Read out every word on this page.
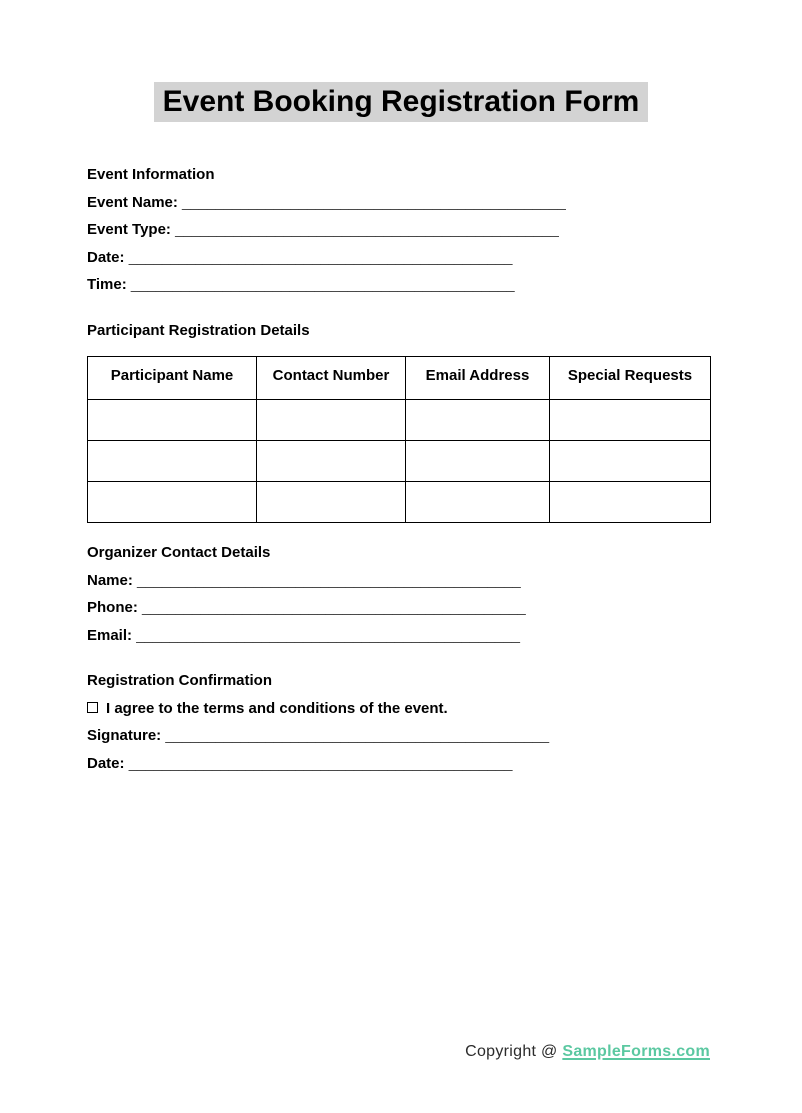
Event Booking Registration Form
Event Information
Event Name: ______________________________________________
Event Type: ______________________________________________
Date: ______________________________________________
Time: ______________________________________________
Participant Registration Details
Participant Name	Contact Number	Email Address	Special Requests

Organizer Contact Details
Name: ______________________________________________
Phone: ______________________________________________
Email: ______________________________________________
Registration Confirmation
I agree to the terms and conditions of the event.
Signature: ______________________________________________
Date: ______________________________________________
Copyright @ SampleForms.com
